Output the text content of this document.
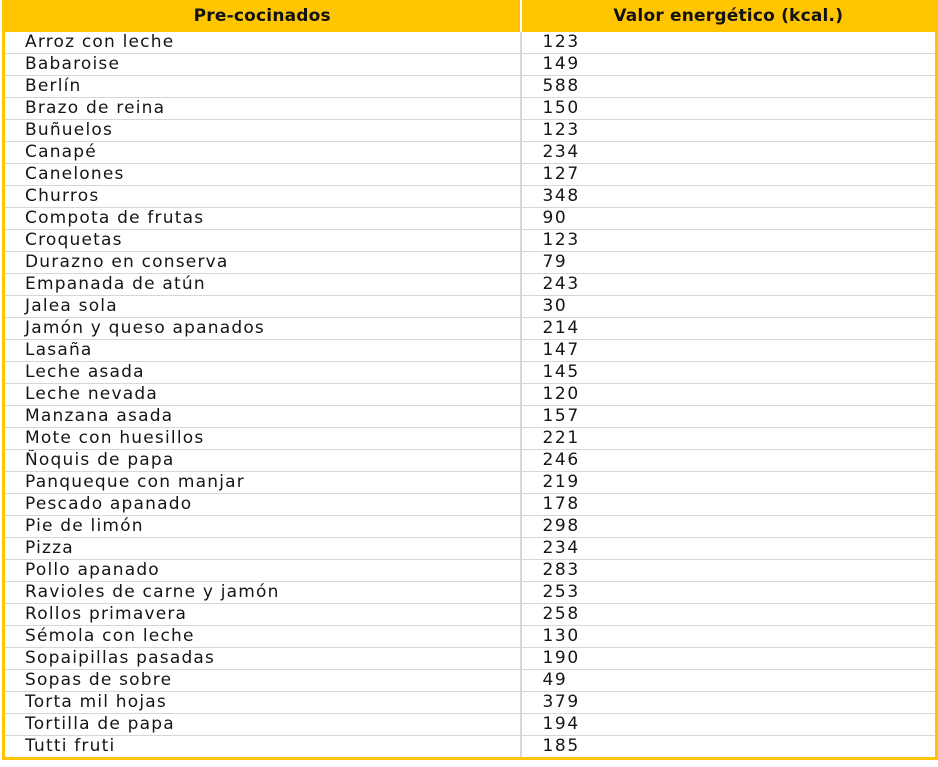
Pre-cocinados	Valor energético (kcal.)
Arroz con leche	123
Babaroise	149
Berlín	588
Brazo de reina	150
Buñuelos	123
Canapé	234
Canelones	127
Churros	348
Compota de frutas	90
Croquetas	123
Durazno en conserva	79
Empanada de atún	243
Jalea sola	30
Jamón y queso apanados	214
Lasaña	147
Leche asada	145
Leche nevada	120
Manzana asada	157
Mote con huesillos	221
Ñoquis de papa	246
Panqueque con manjar	219
Pescado apanado	178
Pie de limón	298
Pizza	234
Pollo apanado	283
Ravioles de carne y jamón	253
Rollos primavera	258
Sémola con leche	130
Sopaipillas pasadas	190
Sopas de sobre	49
Torta mil hojas	379
Tortilla de papa	194
Tutti fruti	185
